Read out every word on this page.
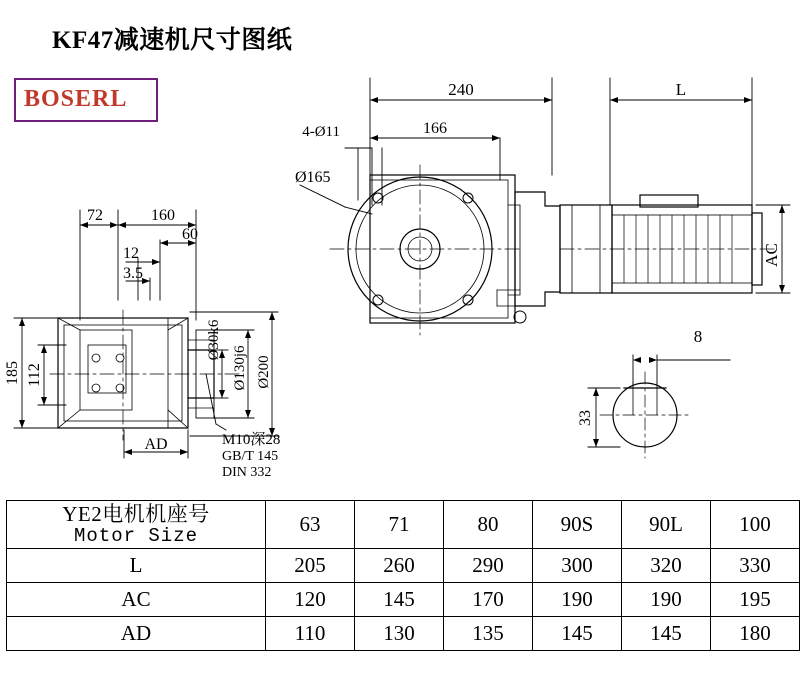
KF47减速机尺寸图纸
BOSERL	240	L
166
4-Ø11
Ø165
AC
72	160
60
12
3.5
185 112
AD
Ø30k6
Ø130j6 Ø200
M10深28
GB/T 145
DIN 332
8
33
YE2电机机座号
Motor Size	63	71	80	90S	90L	100
L	205	260	290	300	320	330
AC	120	145	170	190	190	195
AD	110	130	135	145	145	180
